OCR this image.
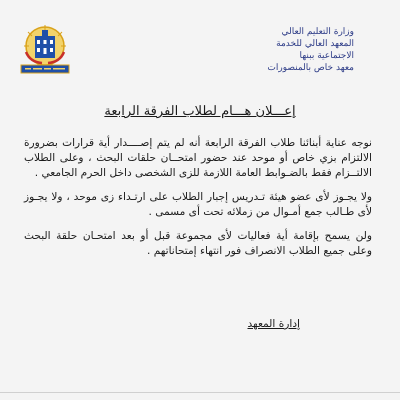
وزارة التعليم العالي
المعهد العالي للخدمة
الاجتماعية ببنها
معهد خاص بالمنصورات
إعـــلان هـــام لطلاب الفرقة الرابعة

نوجه عناية أبنائنا طلاب الفرقة الرابعة أنه لم يتم إصــــدار أية قرارات بضرورة الالتزام بزي خاص أو موحد عند حضور امتحــان حلقات البحث ، وعلى الطلاب الالتــزام فقط بالضـوابط العامة اللازمة للزى الشخصى داخل الحرم الجامعي .

ولا يجـوز لأى عضو هيئة تـدريس إجبار الطلاب على ارتـداء زى موحد ، ولا يجـوز لأى طـالب جمع أمـوال من زملائه تحت أى مسمى .

ولن يسمح بإقامة أية فعاليات لأى مجموعة قبل أو بعد امتحـان حلقة البحث وعلى جميع الطلاب الانصراف فور انتهاء إمتحاناتهم .

إدارة المعهد
